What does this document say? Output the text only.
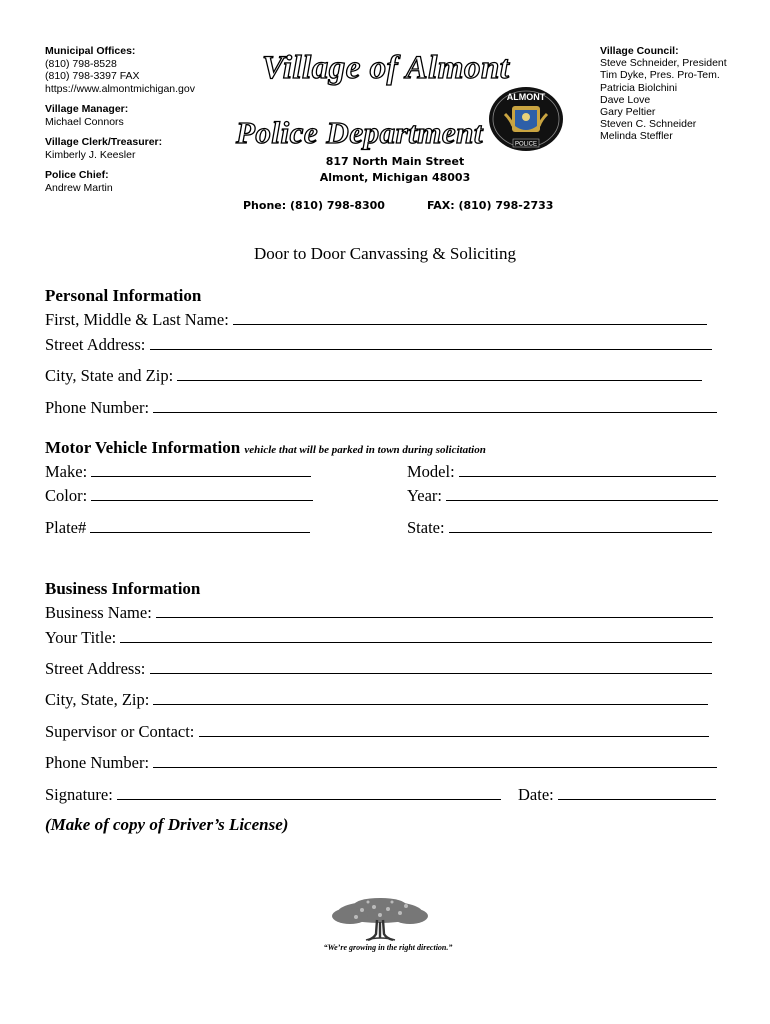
Municipal Offices:
(810) 798-8528
(810) 798-3397 FAX
https://www.almontmichigan.gov
Village Manager:
Michael Connors
Village Clerk/Treasurer:
Kimberly J. Keesler
Police Chief:
Andrew Martin
Village Council:
Steve Schneider, President
Tim Dyke, Pres. Pro-Tem.
Patricia Biolchini
Dave Love
Gary Peltier
Steven C. Schneider
Melinda Steffler
Village of Almont
Police Department
ALMONT
POLICE
817 North Main Street
Almont, Michigan 48003
Phone: (810) 798-8300	FAX: (810) 798-2733
Door to Door Canvassing & Soliciting
Personal Information
First, Middle & Last Name:
Street Address:
City, State and Zip:
Phone Number:
Motor Vehicle Information vehicle that will be parked in town during solicitation
Make:	Model:
Color:	Year:
Plate#	State:
Business Information
Business Name:
Your Title:
Street Address:
City, State, Zip:
Supervisor or Contact:
Phone Number:
Signature:	Date:
(Make of copy of Driver’s License)
“We’re growing in the right direction.”
